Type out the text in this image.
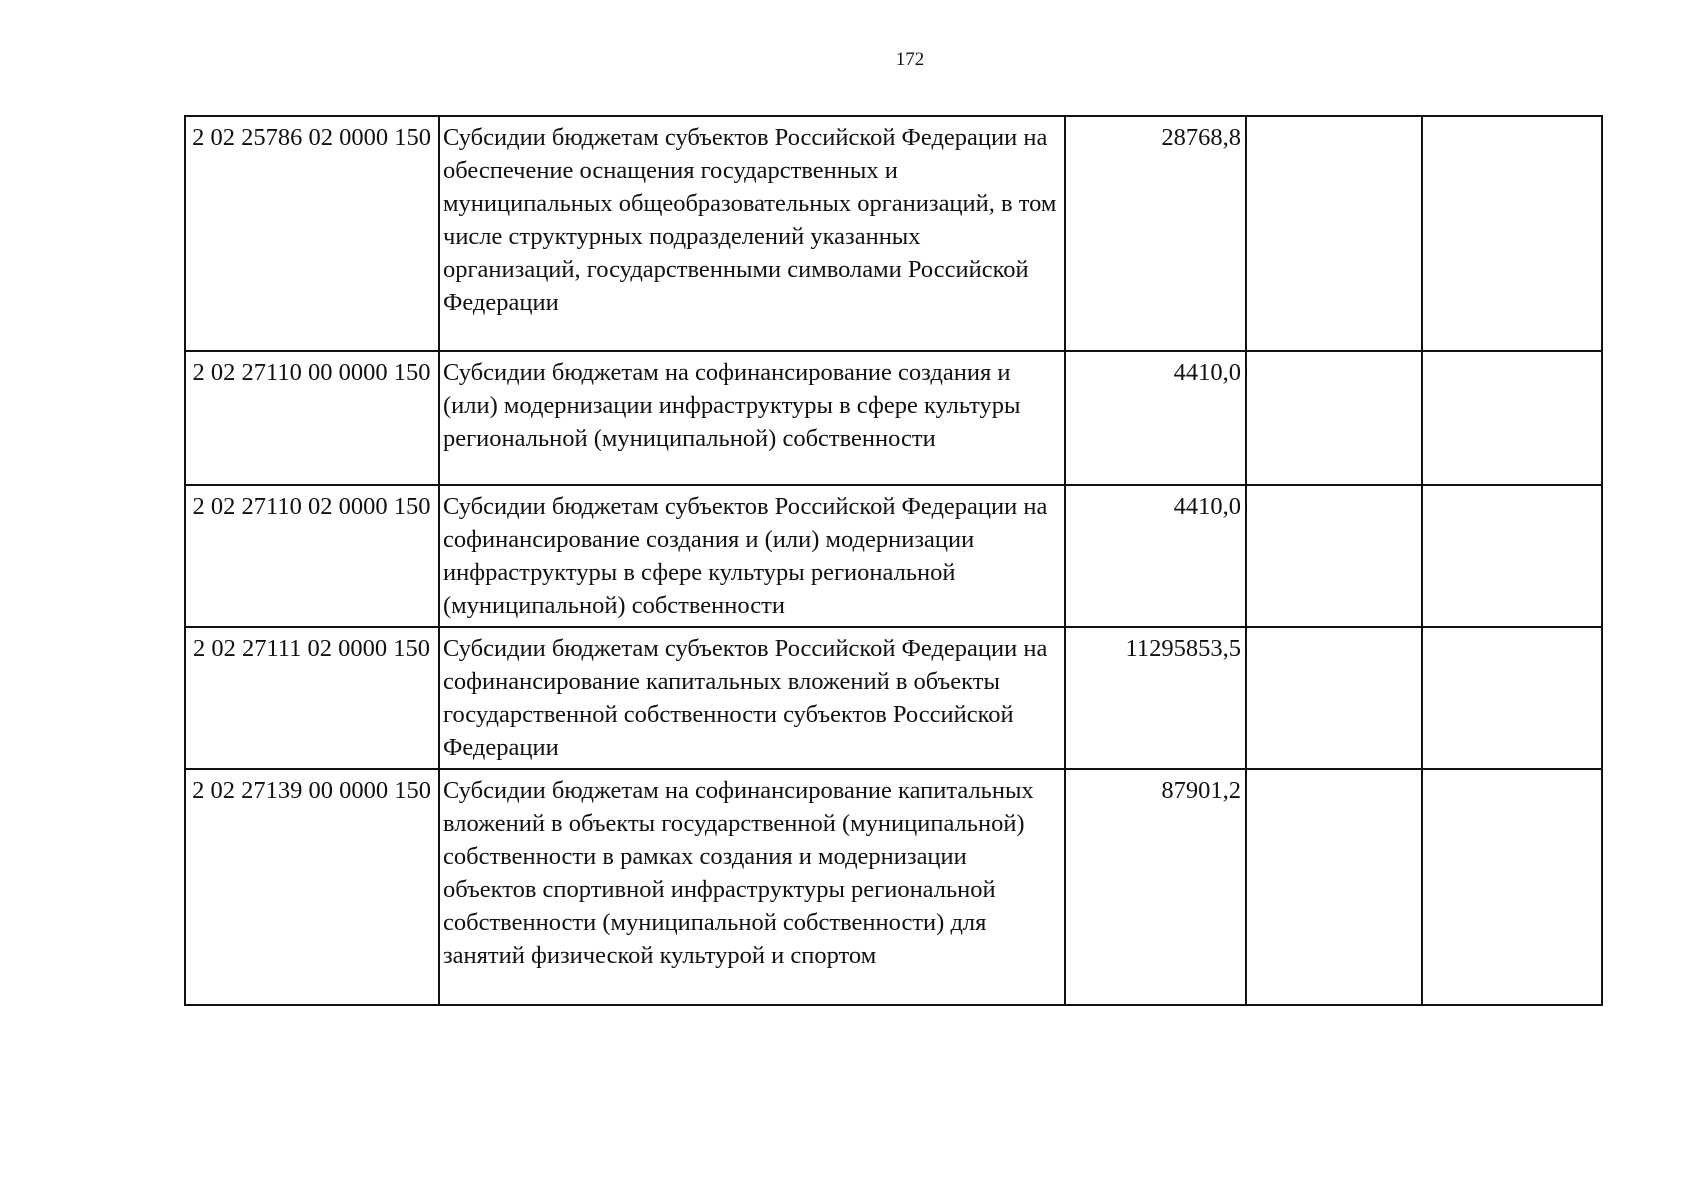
172
2 02 25786 02 0000 150	Субсидии бюджетам субъектов Российской Федерации на обеспечение оснащения государственных и муниципальных общеобразовательных организаций, в том числе структурных подразделений указанных организаций, государственными символами Российской Федерации	28768,8		
2 02 27110 00 0000 150	Субсидии бюджетам на софинансирование создания и (или) модернизации инфраструктуры в сфере культуры региональной (муниципальной) собственности	4410,0		
2 02 27110 02 0000 150	Субсидии бюджетам субъектов Российской Федерации на софинансирование создания и (или) модернизации инфраструктуры в сфере культуры региональной (муниципальной) собственности	4410,0		
2 02 27111 02 0000 150	Субсидии бюджетам субъектов Российской Федерации на софинансирование капитальных вложений в объекты государственной собственности субъектов Российской Федерации	11295853,5		
2 02 27139 00 0000 150	Субсидии бюджетам на софинансирование капитальных вложений в объекты государственной (муниципальной) собственности в рамках создания и модернизации объектов спортивной инфраструктуры региональной собственности (муниципальной собственности) для занятий физической культурой и спортом	87901,2		
